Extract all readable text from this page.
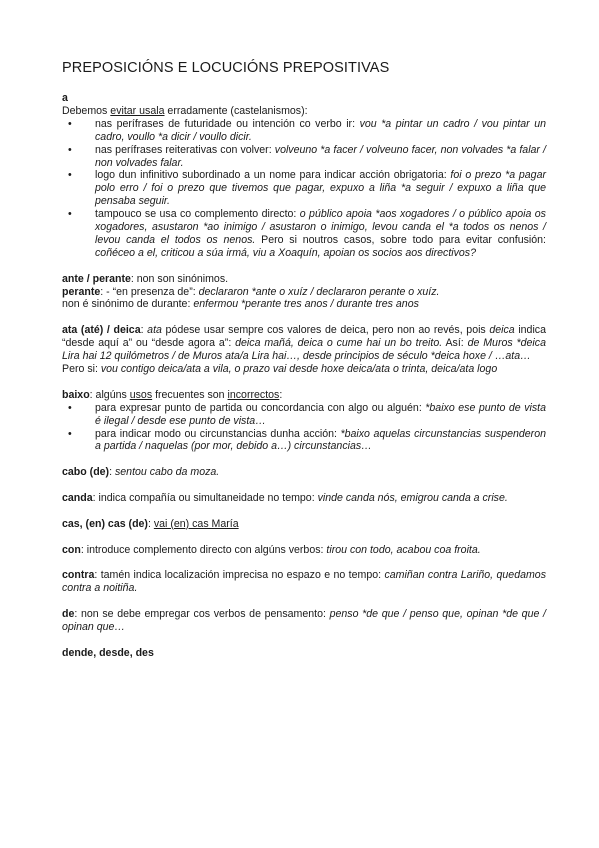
PREPOSICIÓNS E LOCUCIÓNS PREPOSITIVAS

a

Debemos evitar usala erradamente (castelanismos):

• nas perífrases de futuridade ou intención co verbo ir: vou *a pintar un cadro / vou pintar un cadro, voullo *a dicir / voullo dicir.
• nas perífrases reiterativas con volver: volveuno *a facer / volveuno facer, non volvades *a falar / non volvades falar.
• logo dun infinitivo subordinado a un nome para indicar acción obrigatoria: foi o prezo *a pagar polo erro / foi o prezo que tivemos que pagar, expuxo a liña *a seguir / expuxo a liña que pensaba seguir.
• tampouco se usa co complemento directo: o público apoia *aos xogadores / o público apoia os xogadores, asustaron *ao inimigo / asustaron o inimigo, levou canda el *a todos os nenos / levou canda el todos os nenos. Pero si noutros casos, sobre todo para evitar confusión: coñéceo a el, criticou a súa irmá, viu a Xoaquín, apoian os socios aos directivos?

ante / perante: non son sinónimos.

perante: - “en presenza de”: declararon *ante o xuíz / declararon perante o xuíz.

non é sinónimo de durante: enfermou *perante tres anos / durante tres anos

ata (até) / deica: ata pódese usar sempre cos valores de deica, pero non ao revés, pois deica indica “desde aquí a” ou “desde agora a”: deica mañá, deica o cume hai un bo treito. Así: de Muros *deica Lira hai 12 quilómetros / de Muros ata/a Lira hai…, desde principios de século *deica hoxe / …ata…

Pero si: vou contigo deica/ata a vila, o prazo vai desde hoxe deica/ata o trinta, deica/ata logo

baixo: algúns usos frecuentes son incorrectos:

• para expresar punto de partida ou concordancia con algo ou alguén: *baixo ese punto de vista é ilegal / desde ese punto de vista…
• para indicar modo ou circunstancias dunha acción: *baixo aquelas circunstancias suspenderon a partida / naquelas (por mor, debido a…) circunstancias…

cabo (de): sentou cabo da moza.

canda: indica compañía ou simultaneidade no tempo: vinde canda nós, emigrou canda a crise.

cas, (en) cas (de): vai (en) cas María

con: introduce complemento directo con algúns verbos: tirou con todo, acabou coa froita.

contra: tamén indica localización imprecisa no espazo e no tempo: camiñan contra Lariño, quedamos contra a noitiña.

de: non se debe empregar cos verbos de pensamento: penso *de que / penso que, opinan *de que / opinan que…

dende, desde, des
